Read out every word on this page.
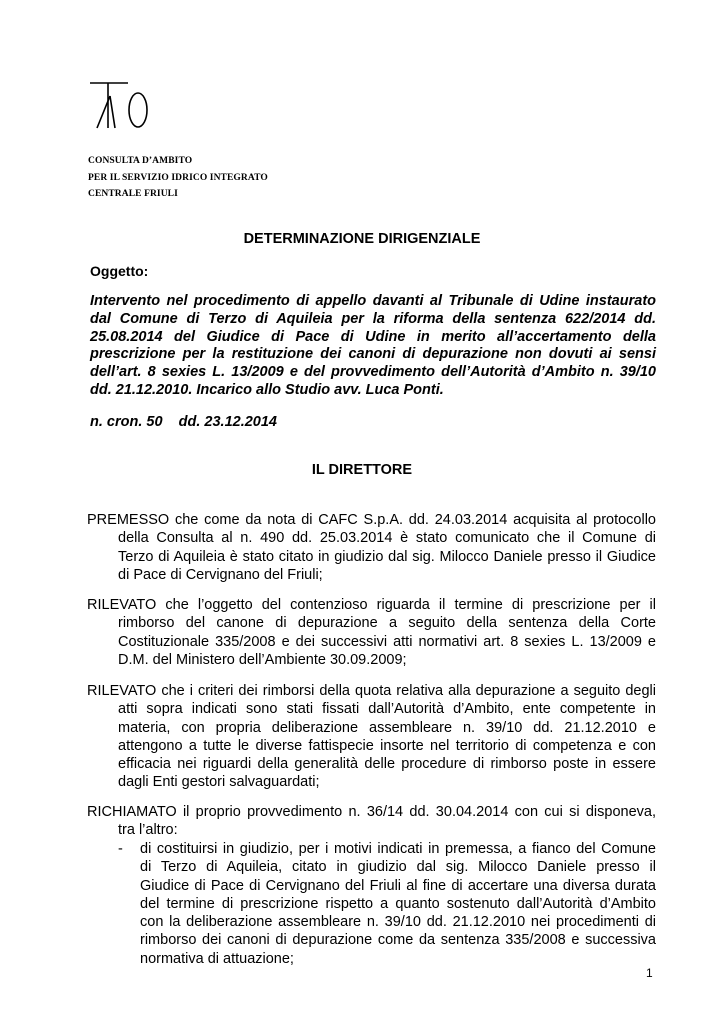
CONSULTA D’AMBITO
PER IL SERVIZIO IDRICO INTEGRATO
CENTRALE FRIULI
DETERMINAZIONE DIRIGENZIALE
Oggetto:
Intervento nel procedimento di appello davanti al Tribunale di Udine instaurato
dal Comune di Terzo di Aquileia per la riforma della sentenza 622/2014 dd.
25.08.2014 del Giudice di Pace di Udine in merito all’accertamento della
prescrizione per la restituzione dei canoni di depurazione non dovuti ai sensi
dell’art. 8 sexies L. 13/2009 e del provvedimento dell’Autorità d’Ambito n. 39/10
dd. 21.12.2010. Incarico allo Studio avv. Luca Ponti.
n. cron. 50    dd. 23.12.2014
IL DIRETTORE
PREMESSO che come da nota di CAFC S.p.A. dd. 24.03.2014 acquisita al protocollo
della Consulta al n. 490 dd. 25.03.2014 è stato comunicato che il Comune di
Terzo di Aquileia è stato citato in giudizio dal sig. Milocco Daniele presso il Giudice
di Pace di Cervignano del Friuli;
RILEVATO che l’oggetto del contenzioso riguarda il termine di prescrizione per il
rimborso del canone di depurazione a seguito della sentenza della Corte
Costituzionale 335/2008 e dei successivi atti normativi art. 8 sexies L. 13/2009 e
D.M. del Ministero dell’Ambiente 30.09.2009;
RILEVATO che i criteri dei rimborsi della quota relativa alla depurazione a seguito degli
atti sopra indicati sono stati fissati dall’Autorità d’Ambito, ente competente in
materia, con propria deliberazione assembleare n. 39/10 dd. 21.12.2010 e
attengono a tutte le diverse fattispecie insorte nel territorio di competenza e con
efficacia nei riguardi della generalità delle procedure di rimborso poste in essere
dagli Enti gestori salvaguardati;
RICHIAMATO il proprio provvedimento n. 36/14 dd. 30.04.2014 con cui si disponeva,
tra l’altro:
-	di costituirsi in giudizio, per i motivi indicati in premessa, a fianco del Comune
di Terzo di Aquileia, citato in giudizio dal sig. Milocco Daniele presso il
Giudice di Pace di Cervignano del Friuli al fine di accertare una diversa durata
del termine di prescrizione rispetto a quanto sostenuto dall’Autorità d’Ambito
con la deliberazione assembleare n. 39/10 dd. 21.12.2010 nei procedimenti di
rimborso dei canoni di depurazione come da sentenza 335/2008 e successiva
normativa di attuazione;
1
